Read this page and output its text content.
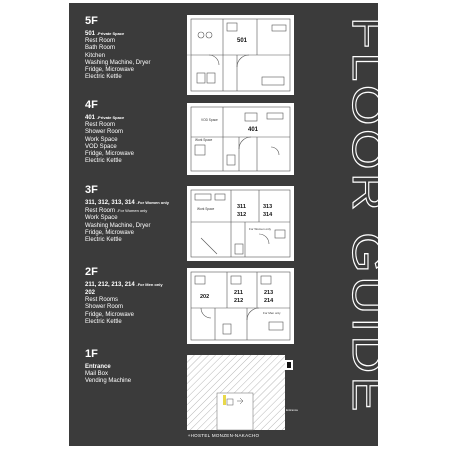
5F
501 -Private Space
Rest Room
Bath Room
Kitchen
Washing Machine, Dryer
Fridge, Microwave
Electric Kettle
501
4F
401 -Private Space
Rest Room
Shower Room
Work Space
VOD Space
Fridge, Microwave
Electric Kettle
401
VOD Space
Work Space
3F
311, 312, 313, 314 -For Women only
Rest Room -For Women only
Work Space
Washing Machine, Dryer
Fridge, Microwave
Electric Kettle
311
312
313
314
Work Space
For Women only
2F
211, 212, 213, 214 -For Men only
202
Rest Rooms
Shower Room
Fridge, Microwave
Electric Kettle
202
211
212
213
214
For Men only
1F
Entrance
Mail Box
Vending Machine
Entrance
FLOOR GUIDE
+HOSTEL MONZEN-NAKACHO
